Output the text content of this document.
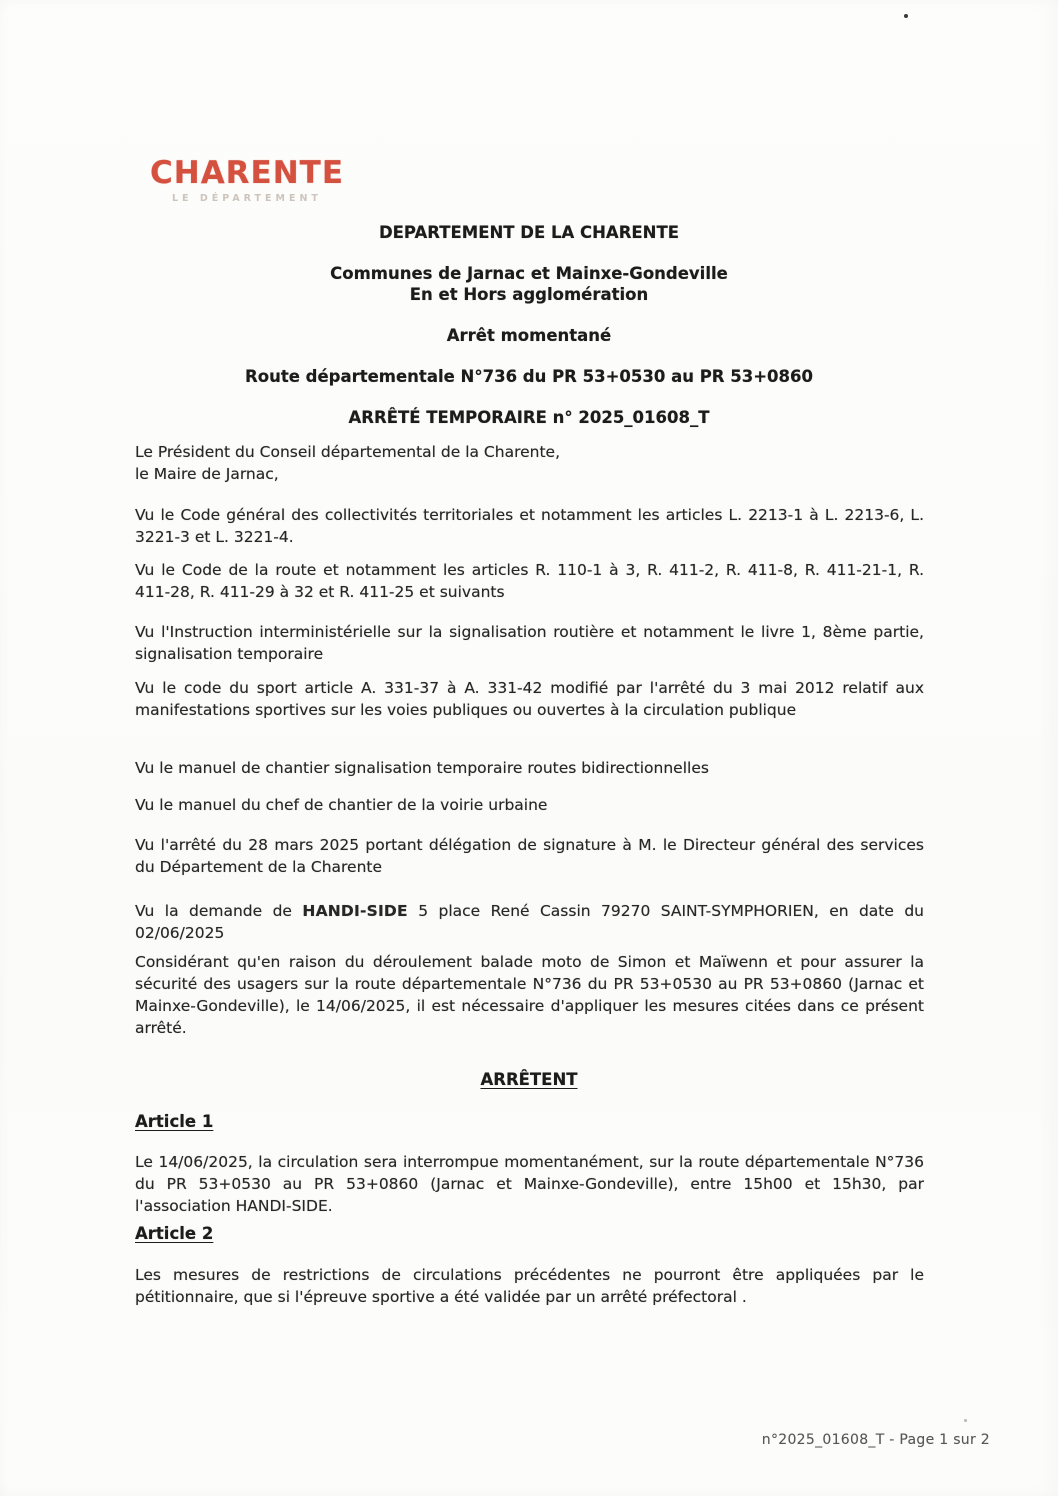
CHARENTE
LE DÉPARTEMENT
DEPARTEMENT DE LA CHARENTE
Communes de Jarnac et Mainxe-Gondeville
En et Hors agglomération
Arrêt momentané
Route départementale N°736 du PR 53+0530 au PR 53+0860
ARRÊTÉ TEMPORAIRE n° 2025_01608_T

Le Président du Conseil départemental de la Charente,
le Maire de Jarnac,

Vu le Code général des collectivités territoriales et notamment les articles L. 2213-1 à L. 2213-6, L. 3221-3 et L. 3221-4.

Vu le Code de la route et notamment les articles R. 110-1 à 3, R. 411-2, R. 411-8, R. 411-21-1, R. 411-28, R. 411-29 à 32 et R. 411-25 et suivants

Vu l'Instruction interministérielle sur la signalisation routière et notamment le livre 1, 8ème partie, signalisation temporaire

Vu le code du sport article A. 331-37 à A. 331-42 modifié par l'arrêté du 3 mai 2012 relatif aux manifestations sportives sur les voies publiques ou ouvertes à la circulation publique

Vu le manuel de chantier signalisation temporaire routes bidirectionnelles

Vu le manuel du chef de chantier de la voirie urbaine

Vu l'arrêté du 28 mars 2025 portant délégation de signature à M. le Directeur général des services du Département de la Charente

Vu la demande de HANDI-SIDE 5 place René Cassin 79270 SAINT-SYMPHORIEN, en date du 02/06/2025

Considérant qu'en raison du déroulement balade moto de Simon et Maïwenn et pour assurer la sécurité des usagers sur la route départementale N°736 du PR 53+0530 au PR 53+0860 (Jarnac et Mainxe-Gondeville), le 14/06/2025, il est nécessaire d'appliquer les mesures citées dans ce présent arrêté.

ARRÊTENT
Article 1

Le 14/06/2025, la circulation sera interrompue momentanément, sur la route départementale N°736 du PR 53+0530 au PR 53+0860 (Jarnac et Mainxe-Gondeville), entre 15h00 et 15h30, par l'association HANDI-SIDE.

Article 2

Les mesures de restrictions de circulations précédentes ne pourront être appliquées par le pétitionnaire, que si l'épreuve sportive a été validée par un arrêté préfectoral .

n°2025_01608_T - Page 1 sur 2
